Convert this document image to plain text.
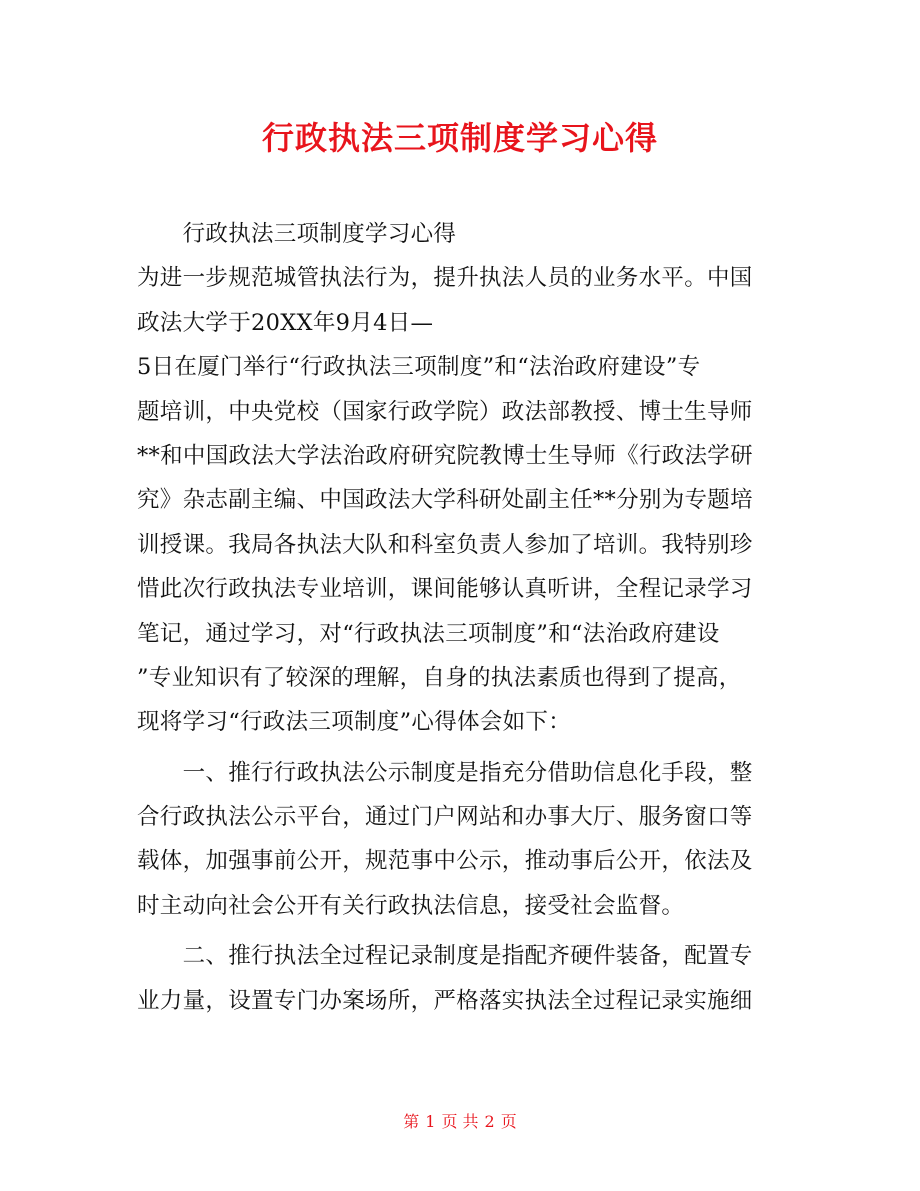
行政执法三项制度学习心得
　　行政执法三项制度学习心得
为进一步规范城管执法行为，提升执法人员的业务水平。中国
政法大学于20XX年9月4日—
5日在厦门举行“行政执法三项制度”和“法治政府建设”专
题培训，中央党校（国家行政学院）政法部教授、博士生导师
**和中国政法大学法治政府研究院教博士生导师《行政法学研
究》杂志副主编、中国政法大学科研处副主任**分别为专题培
训授课。我局各执法大队和科室负责人参加了培训。我特别珍
惜此次行政执法专业培训，课间能够认真听讲，全程记录学习
笔记，通过学习，对“行政执法三项制度”和“法治政府建设
”专业知识有了较深的理解，自身的执法素质也得到了提高，
现将学习“行政法三项制度”心得体会如下：
　　一、推行行政执法公示制度是指充分借助信息化手段，整
合行政执法公示平台，通过门户网站和办事大厅、服务窗口等
载体，加强事前公开，规范事中公示，推动事后公开，依法及
时主动向社会公开有关行政执法信息，接受社会监督。
　　二、推行执法全过程记录制度是指配齐硬件装备，配置专
业力量，设置专门办案场所，严格落实执法全过程记录实施细
第 1 页 共 2 页
